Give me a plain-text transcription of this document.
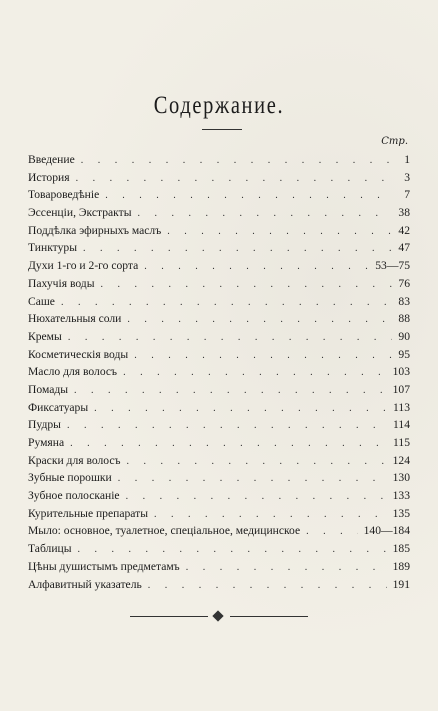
Содержание.
Стр.
Введение . . .	1
История . . .	3
Товароведѣніе . . .	7
Эссенціи, Экстракты . . .	38
Поддѣлка эфирныхъ маслъ . . .	42
Тинктуры . . .	47
Духи 1-го и 2-го сорта . . .	53—75
Пахучія воды . . .	76
Саше . . .	83
Нюхательныя соли . . .	88
Кремы . . .	90
Косметическія воды . . .	95
Масло для волосъ . . .	103
Помады . . .	107
Фиксатуары . . .	113
Пудры . . .	114
Румяна . . .	115
Краски для волосъ . . .	124
Зубные порошки . . .	130
Зубное полосканіе . . .	133
Курительные препараты . . .	135
Мыло: основное, туалетное, спеціальное, медицинское . . .	140—184
Таблицы . . .	185
Цѣны душистымъ предметамъ . . .	189
Алфавитный указатель . . .	191
